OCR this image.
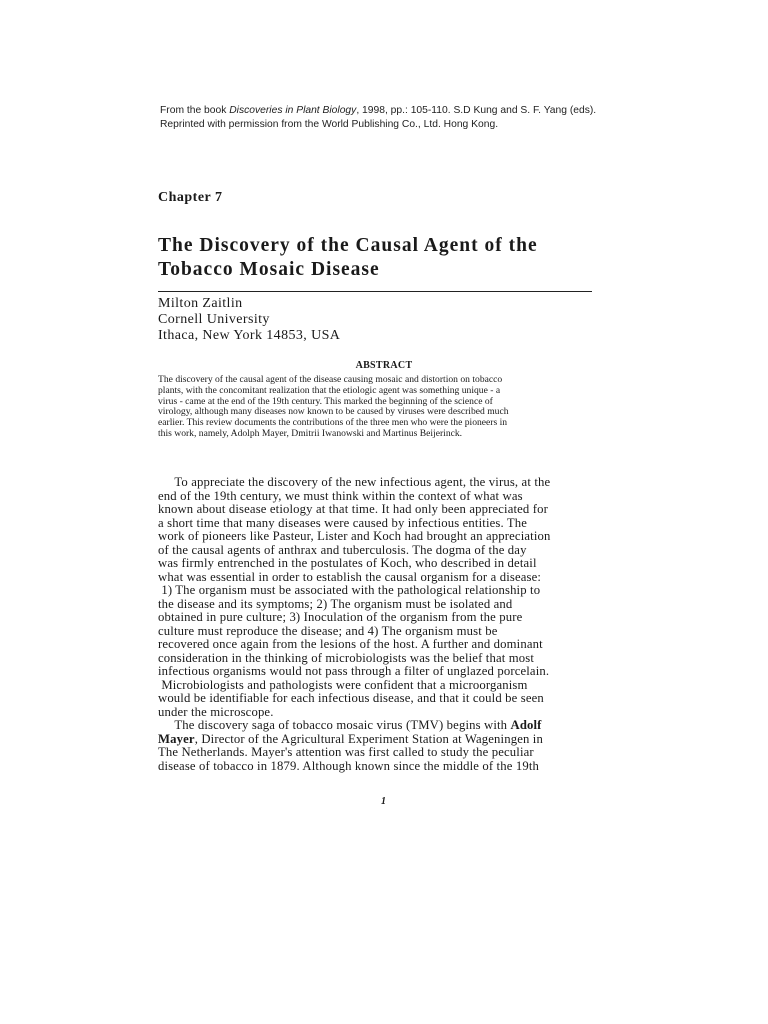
From the book Discoveries in Plant Biology, 1998, pp.: 105-110. S.D Kung and S. F. Yang (eds).

Reprinted with permission from the World Publishing Co., Ltd. Hong Kong.

Chapter 7
The Discovery of the Causal Agent of the
Tobacco Mosaic Disease
Milton Zaitlin
Cornell University
Ithaca, New York 14853, USA
ABSTRACT
The discovery of the causal agent of the disease causing mosaic and distortion on tobacco
plants, with the concomitant realization that the etiologic agent was something unique - a
virus - came at the end of the 19th century. This marked the beginning of the science of
virology, although many diseases now known to be caused by viruses were described much
earlier. This review documents the contributions of the three men who were the pioneers in
this work, namely, Adolph Mayer, Dmitrii Iwanowski and Martinus Beijerinck.
To appreciate the discovery of the new infectious agent, the virus, at the
end of the 19th century, we must think within the context of what was
known about disease etiology at that time. It had only been appreciated for
a short time that many diseases were caused by infectious entities. The
work of pioneers like Pasteur, Lister and Koch had brought an appreciation
of the causal agents of anthrax and tuberculosis. The dogma of the day
was firmly entrenched in the postulates of Koch, who described in detail
what was essential in order to establish the causal organism for a disease:
1) The organism must be associated with the pathological relationship to
the disease and its symptoms; 2) The organism must be isolated and
obtained in pure culture; 3) Inoculation of the organism from the pure
culture must reproduce the disease; and 4) The organism must be
recovered once again from the lesions of the host. A further and dominant
consideration in the thinking of microbiologists was the belief that most
infectious organisms would not pass through a filter of unglazed porcelain.
Microbiologists and pathologists were confident that a microorganism
would be identifiable for each infectious disease, and that it could be seen
under the microscope.
The discovery saga of tobacco mosaic virus (TMV) begins with Adolf
Mayer, Director of the Agricultural Experiment Station at Wageningen in
The Netherlands. Mayer's attention was first called to study the peculiar
disease of tobacco in 1879. Although known since the middle of the 19th
1
